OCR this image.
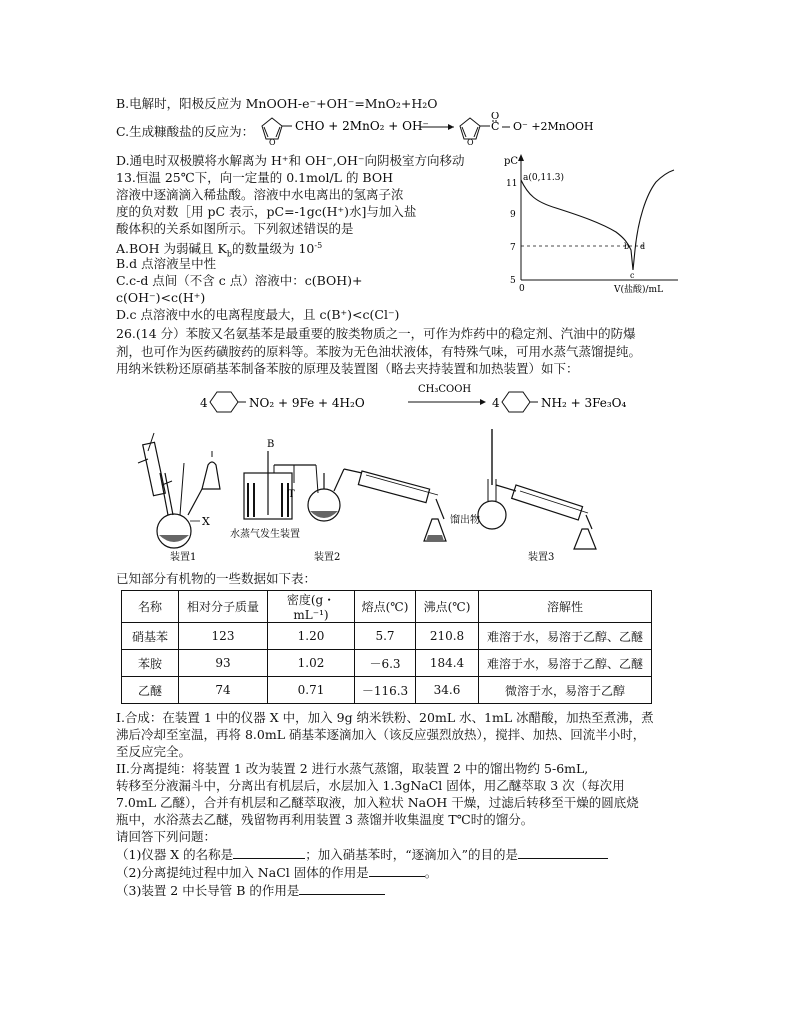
B.电解时，阳极反应为 MnOOH-e⁻+OH⁻=MnO₂+H₂O
C.生成糠酸盐的反应为：
O
CHO + 2MnO₂ + OH⁻
O
C
O
O⁻ +2MnOOH
D.通电时双极膜将水解离为 H⁺和 OH⁻,OH⁻向阴极室方向移动
13.恒温 25℃下，向一定量的 0.1mol/L 的 BOH
溶液中逐滴滴入稀盐酸。溶液中水电离出的氢离子浓
度的负对数［用 pC 表示，pC=-1gc(H⁺)水]与加入盐
酸体积的关系如图所示。下列叙述错误的是
A.BOH 为弱碱且 $K_b$的数量级为 $10^{-5}$
B.d 点溶液呈中性
C.c-d 点间（不含 c 点）溶液中：c(BOH)+
c(OH⁻)<c(H⁺)
D.c 点溶液中水的电离程度最大，且 c(B⁺)<c(Cl⁻)
pC
11
9
7
5
0	V(盐酸)/mL
a(0,11.3)
b d
c
26.(14 分）苯胺又名氨基苯是最重要的胺类物质之一，可作为炸药中的稳定剂、汽油中的防爆
剂，也可作为医药磺胺药的原料等。苯胺为无色油状液体，有特殊气味，可用水蒸气蒸馏提纯。
用纳米铁粉还原硝基苯制备苯胺的原理及装置图（略去夹持装置和加热装置）如下：
4	NO₂ + 9Fe + 4H₂O
CH₃COOH
4	NH₂ + 3Fe₃O₄
X
装置1
B
T
水蒸气发生装置
装置2
馏出物
装置3
已知部分有机物的一些数据如下表：
名称	相对分子质量	密度(g・mL⁻¹)	熔点(℃)	沸点(℃)	溶解性
硝基苯	123	1.20	5.7	210.8	难溶于水，易溶于乙醇、乙醚
苯胺	93	1.02	－6.3	184.4	难溶于水，易溶于乙醇、乙醚
乙醚	74	0.71	－116.3	34.6	微溶于水，易溶于乙醇
I.合成：在装置 1 中的仪器 X 中，加入 9g 纳米铁粉、20mL 水、1mL 冰醋酸，加热至煮沸，煮
沸后冷却至室温，再将 8.0mL 硝基苯逐滴加入（该反应强烈放热），搅拌、加热、回流半小时，
至反应完全。
II.分离提纯：将装置 1 改为装置 2 进行水蒸气蒸馏，取装置 2 中的馏出物约 5-6mL,
转移至分液漏斗中，分离出有机层后，水层加入 1.3gNaCl 固体，用乙醚萃取 3 次（每次用
7.0mL 乙醚），合并有机层和乙醚萃取液，加入粒状 NaOH 干燥，过滤后转移至干燥的圆底烧
瓶中，水浴蒸去乙醚，残留物再利用装置 3 蒸馏并收集温度 T℃时的馏分。
请回答下列问题：
（1)仪器 X 的名称是	；加入硝基苯时，“逐滴加入”的目的是
（2)分离提纯过程中加入 NaCl 固体的作用是	。
（3)装置 2 中长导管 B 的作用是
